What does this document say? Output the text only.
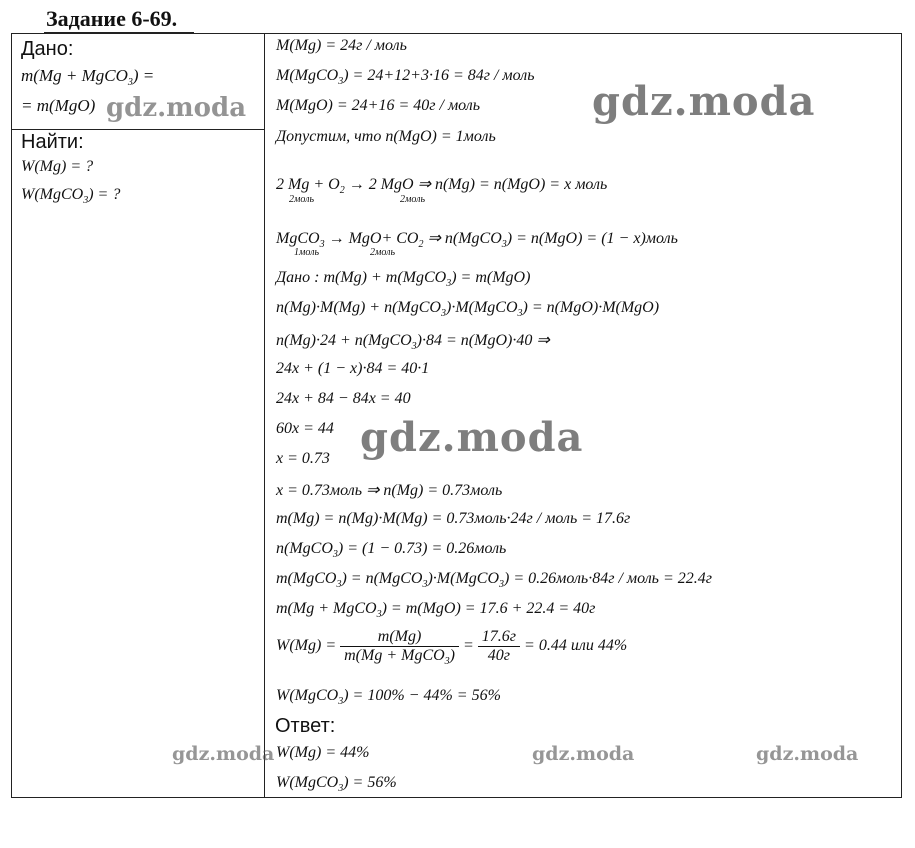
Задание 6-69.
Дано:
m(Mg + MgCO$_3$) =
= m(MgO)
Найти:
W(Mg) = ?
W(MgCO$_3$) = ?
M(Mg) = 24г / моль
M(MgCO$_3$) = 24+12+3·16 = 84г / моль
M(MgO) = 24+16 = 40г / моль
Допустим, что n(MgO) = 1моль
2 $Mg + O_2 \to 2$ MgO ⇒ n(Mg) = n(MgO) = x моль
2моль	2моль
MgCO$_3$ → $MgO+ CO_2$ ⇒ n(MgCO$_3$) = n(MgO) = (1 − x)моль
1моль	2моль
Дано : m(Mg) + m(MgCO$_3$) = m(MgO)
n(Mg)·M(Mg) + n(MgCO$_3$)·M(MgCO$_3$) = n(MgO)·M(MgO)
n(Mg)·24 + n(MgCO$_3$)·84 = n(MgO)·40 ⇒
24x + (1 − x)·84 = 40·1
24x + 84 − 84x = 40
60x = 44
x = 0.73
x = 0.73моль ⇒ n(Mg) = 0.73моль
m(Mg) = n(Mg)·M(Mg) = 0.73моль·24г / моль = 17.6г
n(MgCO$_3$) = (1 − 0.73) = 0.26моль
m(MgCO$_3$) = n(MgCO$_3$)·M(MgCO$_3$) = 0.26моль·84г / моль = 22.4г
m(Mg + MgCO$_3$) = m(MgO) = 17.6 + 22.4 = 40г
$W(Mg) = \frac{m(Mg)}{m(Mg + MgCO_3)} = \frac{17.6г}{40г} = 0.44$ или 44%
W(MgCO$_3$) = 100% − 44% = 56%
Ответ:
W(Mg) = 44%
W(MgCO$_3$) = 56%
gdz.moda	gdz.moda
gdz.moda
gdz.moda	gdz.moda	gdz.moda
